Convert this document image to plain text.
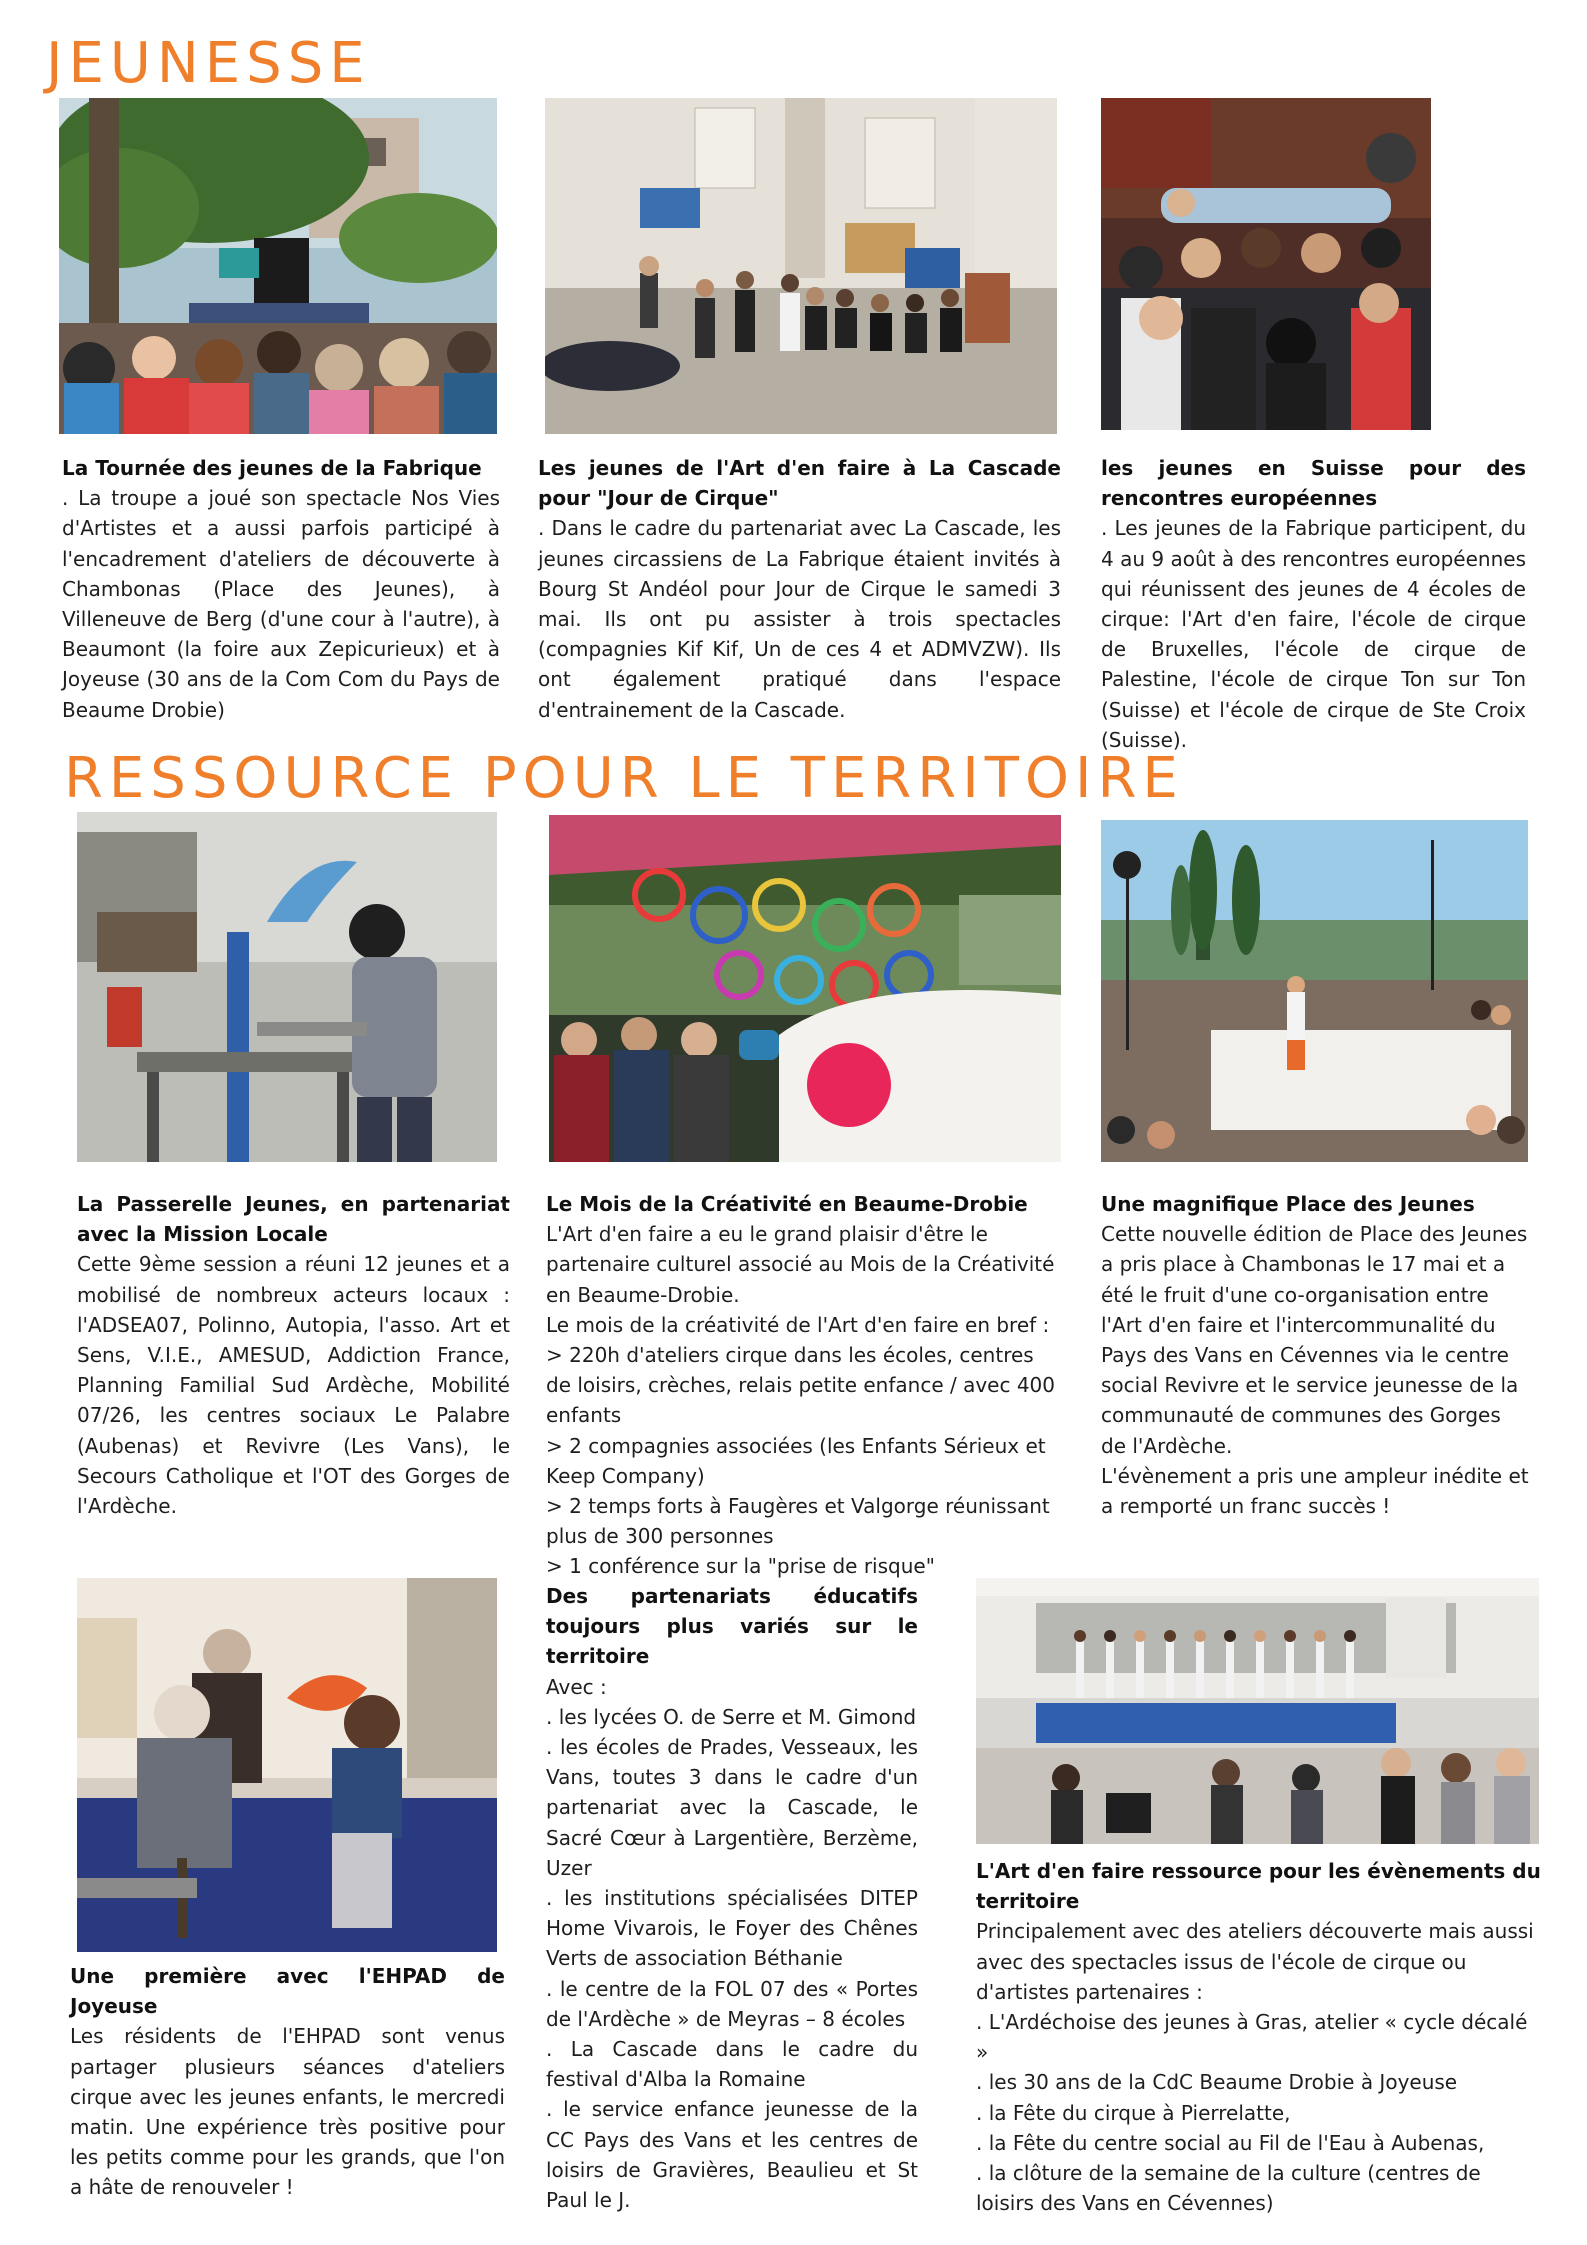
JEUNESSE
RESSOURCE POUR LE TERRITOIRE

La Tournée des jeunes de la Fabrique

. La troupe a joué son spectacle Nos Vies d'Artistes et a aussi parfois participé à l'encadrement d'ateliers de découverte à Chambonas (Place des Jeunes), à Villeneuve de Berg (d'une cour à l'autre), à Beaumont (la foire aux Zepicurieux) et à Joyeuse (30 ans de la Com Com du Pays de Beaume Drobie)

Les jeunes de l'Art d'en faire à La Cascade pour "Jour de Cirque"

. Dans le cadre du partenariat avec La Cascade, les jeunes circassiens de La Fabrique étaient invités à Bourg St Andéol pour Jour de Cirque le samedi 3 mai. Ils ont pu assister à trois spectacles (compagnies Kif Kif, Un de ces 4 et ADMVZW). Ils ont également pratiqué dans l'espace d'entrainement de la Cascade.

les jeunes en Suisse pour des rencontres européennes

. Les jeunes de la Fabrique participent, du 4 au 9 août à des rencontres européennes qui réunissent des jeunes de 4 écoles de cirque: l'Art d'en faire, l'école de cirque de Bruxelles, l'école de cirque de Palestine, l'école de cirque Ton sur Ton (Suisse) et l'école de cirque de Ste Croix (Suisse).

La Passerelle Jeunes, en partenariat avec la Mission Locale

Cette 9ème session a réuni 12 jeunes et a mobilisé de nombreux acteurs locaux : l'ADSEA07, Polinno, Autopia, l'asso. Art et Sens, V.I.E., AMESUD, Addiction France, Planning Familial Sud Ardèche, Mobilité 07/26, les centres sociaux Le Palabre (Aubenas) et Revivre (Les Vans), le Secours Catholique et l'OT des Gorges de l'Ardèche.

Le Mois de la Créativité en Beaume-Drobie

L'Art d'en faire a eu le grand plaisir d'être le partenaire culturel associé au Mois de la Créativité en Beaume-Drobie.

Le mois de la créativité de l'Art d'en faire en bref :

> 220h d'ateliers cirque dans les écoles, centres de loisirs, crèches, relais petite enfance / avec 400 enfants

> 2 compagnies associées (les Enfants Sérieux et Keep Company)

> 2 temps forts à Faugères et Valgorge réunissant plus de 300 personnes

> 1 conférence sur la "prise de risque"

Une magnifique Place des Jeunes

Cette nouvelle édition de Place des Jeunes a pris place à Chambonas le 17 mai et a été le fruit d'une co-organisation entre l'Art d'en faire et l'intercommunalité du Pays des Vans en Cévennes via le centre social Revivre et le service jeunesse de la communauté de communes des Gorges de l'Ardèche.

L'évènement a pris une ampleur inédite et a remporté un franc succès !

Une première avec l'EHPAD de Joyeuse

Les résidents de l'EHPAD sont venus partager plusieurs séances d'ateliers cirque avec les jeunes enfants, le mercredi matin. Une expérience très positive pour les petits comme pour les grands, que l'on a hâte de renouveler !

Des partenariats éducatifs toujours plus variés sur le territoire

Avec :

. les lycées O. de Serre et M. Gimond

. les écoles de Prades, Vesseaux, les Vans, toutes 3 dans le cadre d'un partenariat avec la Cascade, le Sacré Cœur à Largentière, Berzème, Uzer

. les institutions spécialisées DITEP Home Vivarois, le Foyer des Chênes Verts de association Béthanie

. le centre de la FOL 07 des « Portes de l'Ardèche » de Meyras – 8 écoles

. La Cascade dans le cadre du festival d'Alba la Romaine

. le service enfance jeunesse de la CC Pays des Vans et les centres de loisirs de Gravières, Beaulieu et St Paul le J.

L'Art d'en faire ressource pour les évènements du territoire

Principalement avec des ateliers découverte mais aussi avec des spectacles issus de l'école de cirque ou d'artistes partenaires :

. L'Ardéchoise des jeunes à Gras, atelier « cycle décalé »

. les 30 ans de la CdC Beaume Drobie à Joyeuse

. la Fête du cirque à Pierrelatte,

. la Fête du centre social au Fil de l'Eau à Aubenas,

. la clôture de la semaine de la culture (centres de loisirs des Vans en Cévennes)
